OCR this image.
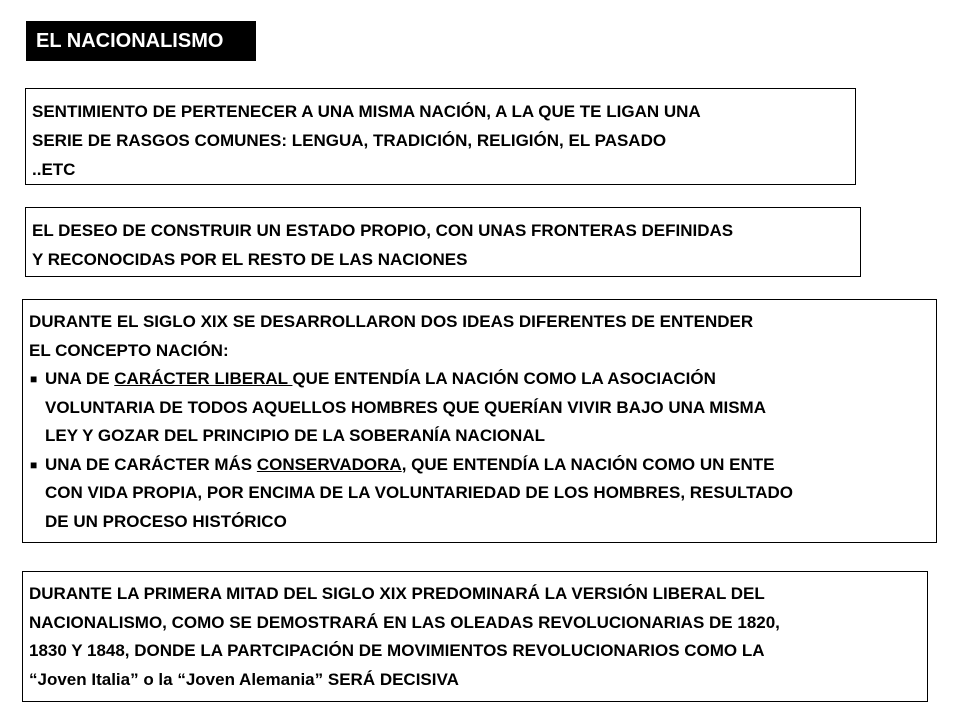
EL NACIONALISMO
SENTIMIENTO DE PERTENECER A UNA MISMA NACIÓN, A LA QUE TE LIGAN UNA
SERIE DE RASGOS COMUNES: LENGUA, TRADICIÓN, RELIGIÓN, EL PASADO
..ETC
EL DESEO DE CONSTRUIR UN ESTADO PROPIO, CON UNAS FRONTERAS DEFINIDAS
Y RECONOCIDAS POR EL RESTO DE LAS NACIONES
DURANTE EL SIGLO XIX SE DESARROLLARON DOS IDEAS DIFERENTES DE ENTENDER
EL CONCEPTO NACIÓN:
■ UNA DE CARÁCTER LIBERAL QUE ENTENDÍA LA NACIÓN COMO LA ASOCIACIÓN
VOLUNTARIA DE TODOS AQUELLOS HOMBRES QUE QUERÍAN VIVIR BAJO UNA MISMA
LEY Y GOZAR DEL PRINCIPIO DE LA SOBERANÍA NACIONAL
■ UNA DE CARÁCTER MÁS CONSERVADORA, QUE ENTENDÍA LA NACIÓN COMO UN ENTE
CON VIDA PROPIA, POR ENCIMA DE LA VOLUNTARIEDAD DE LOS HOMBRES, RESULTADO
DE UN PROCESO HISTÓRICO
DURANTE LA PRIMERA MITAD DEL SIGLO XIX PREDOMINARÁ LA VERSIÓN LIBERAL DEL
NACIONALISMO, COMO SE DEMOSTRARÁ EN LAS OLEADAS REVOLUCIONARIAS DE 1820,
1830 Y 1848, DONDE LA PARTCIPACIÓN DE MOVIMIENTOS REVOLUCIONARIOS COMO LA
“Joven Italia” o la “Joven Alemania” SERÁ DECISIVA
